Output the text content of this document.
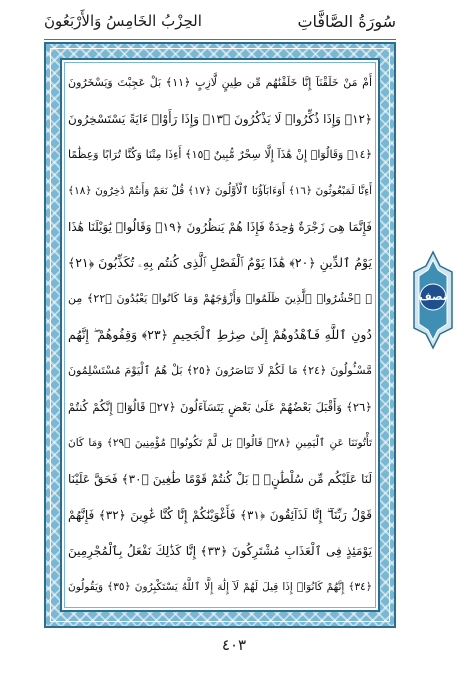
سُورَةُ الصَّافَّاتِ
الحِزْبُ الخَامِسُ وَالأَرْبَعُونَ
أَمْ مَنْ خَلَقْنَآ إِنَّا خَلَقْنَٰهُم مِّن طِينٍ لَّازِبٍ ﴿١١﴾ بَلْ عَجِبْتَ وَيَسْخَرُونَ
﴿١٢﴾ وَإِذَا ذُكِّرُوا۟ لَا يَذْكُرُونَ ﴿١٣﴾ وَإِذَا رَأَوْا۟ ءَايَةً يَسْتَسْخِرُونَ
﴿١٤﴾ وَقَالُوٓا۟ إِنْ هَٰذَآ إِلَّا سِحْرٌ مُّبِينٌ ﴿١٥﴾ أَءِذَا مِتْنَا وَكُنَّا تُرَابًا وَعِظَٰمًا
أَءِنَّا لَمَبْعُوثُونَ ﴿١٦﴾ أَوَءَابَآؤُنَا ٱلْأَوَّلُونَ ﴿١٧﴾ قُلْ نَعَمْ وَأَنتُمْ دَٰخِرُونَ ﴿١٨﴾
فَإِنَّمَا هِىَ زَجْرَةٌ وَٰحِدَةٌ فَإِذَا هُمْ يَنظُرُونَ ﴿١٩﴾ وَقَالُوا۟ يَٰوَيْلَنَا هَٰذَا
يَوْمُ ٱلدِّينِ ﴿٢٠﴾ هَٰذَا يَوْمُ ٱلْفَصْلِ ٱلَّذِى كُنتُم بِهِۦ تُكَذِّبُونَ ﴿٢١﴾
۞ ٱحْشُرُوا۟ ٱلَّذِينَ ظَلَمُوا۟ وَأَزْوَٰجَهُمْ وَمَا كَانُوا۟ يَعْبُدُونَ ﴿٢٢﴾ مِن
دُونِ ٱللَّهِ فَٱهْدُوهُمْ إِلَىٰ صِرَٰطِ ٱلْجَحِيمِ ﴿٢٣﴾ وَقِفُوهُمْ ۖ إِنَّهُم
مَّسْـُٔولُونَ ﴿٢٤﴾ مَا لَكُمْ لَا تَنَاصَرُونَ ﴿٢٥﴾ بَلْ هُمُ ٱلْيَوْمَ مُسْتَسْلِمُونَ
﴿٢٦﴾ وَأَقْبَلَ بَعْضُهُمْ عَلَىٰ بَعْضٍ يَتَسَآءَلُونَ ﴿٢٧﴾ قَالُوٓا۟ إِنَّكُمْ كُنتُمْ
تَأْتُونَنَا عَنِ ٱلْيَمِينِ ﴿٢٨﴾ قَالُوا۟ بَل لَّمْ تَكُونُوا۟ مُؤْمِنِينَ ﴿٢٩﴾ وَمَا كَانَ
لَنَا عَلَيْكُم مِّن سُلْطَٰنٍۭ ۖ بَلْ كُنتُمْ قَوْمًا طَٰغِينَ ﴿٣٠﴾ فَحَقَّ عَلَيْنَا
قَوْلُ رَبِّنَآ ۖ إِنَّا لَذَآئِقُونَ ﴿٣١﴾ فَأَغْوَيْنَٰكُمْ إِنَّا كُنَّا غَٰوِينَ ﴿٣٢﴾ فَإِنَّهُمْ
يَوْمَئِذٍ فِى ٱلْعَذَابِ مُشْتَرِكُونَ ﴿٣٣﴾ إِنَّا كَذَٰلِكَ نَفْعَلُ بِٱلْمُجْرِمِينَ
﴿٣٤﴾ إِنَّهُمْ كَانُوٓا۟ إِذَا قِيلَ لَهُمْ لَآ إِلَٰهَ إِلَّا ٱللَّهُ يَسْتَكْبِرُونَ ﴿٣٥﴾ وَيَقُولُونَ
نصف
٤٠٣
